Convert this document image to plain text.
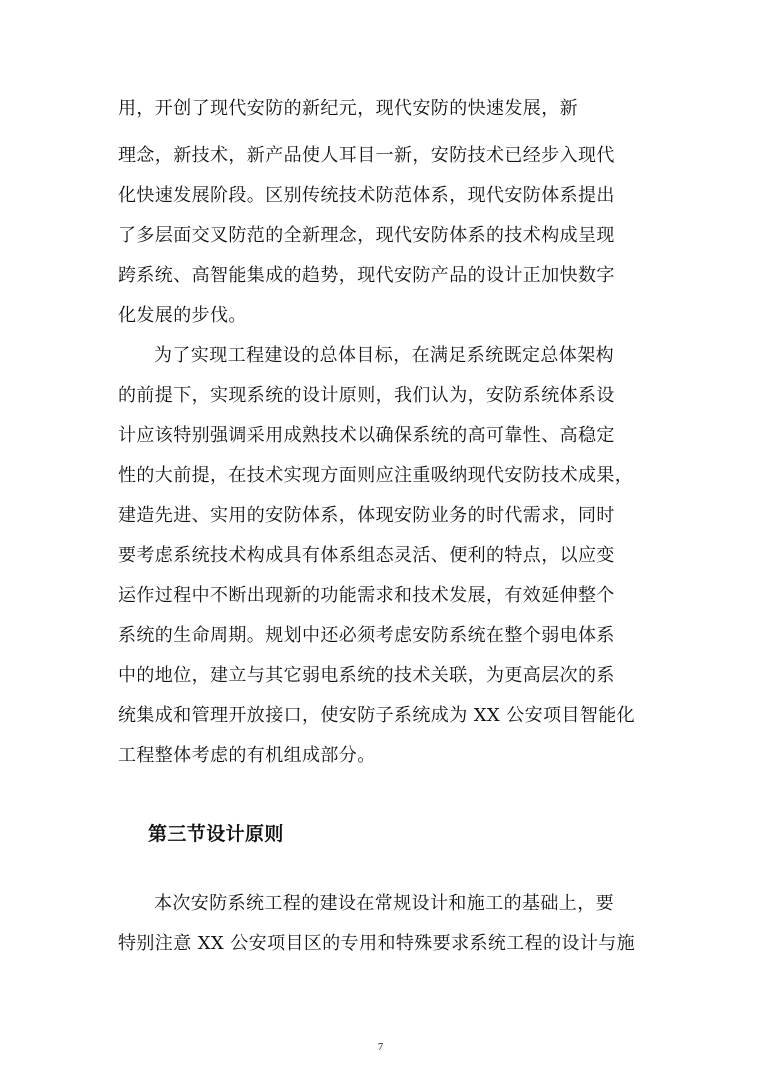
用，开创了现代安防的新纪元，现代安防的快速发展，新
理念，新技术，新产品使人耳目一新，安防技术已经步入现代
化快速发展阶段。区别传统技术防范体系，现代安防体系提出
了多层面交叉防范的全新理念，现代安防体系的技术构成呈现
跨系统、高智能集成的趋势，现代安防产品的设计正加快数字
化发展的步伐。
为了实现工程建设的总体目标，在满足系统既定总体架构
的前提下，实现系统的设计原则，我们认为，安防系统体系设
计应该特别强调采用成熟技术以确保系统的高可靠性、高稳定
性的大前提，在技术实现方面则应注重吸纳现代安防技术成果，
建造先进、实用的安防体系，体现安防业务的时代需求，同时
要考虑系统技术构成具有体系组态灵活、便利的特点，以应变
运作过程中不断出现新的功能需求和技术发展，有效延伸整个
系统的生命周期。规划中还必须考虑安防系统在整个弱电体系
中的地位，建立与其它弱电系统的技术关联，为更高层次的系
统集成和管理开放接口，使安防子系统成为 XX 公安项目智能化
工程整体考虑的有机组成部分。
第三节设计原则
本次安防系统工程的建设在常规设计和施工的基础上，要
特别注意 XX 公安项目区的专用和特殊要求系统工程的设计与施
7
